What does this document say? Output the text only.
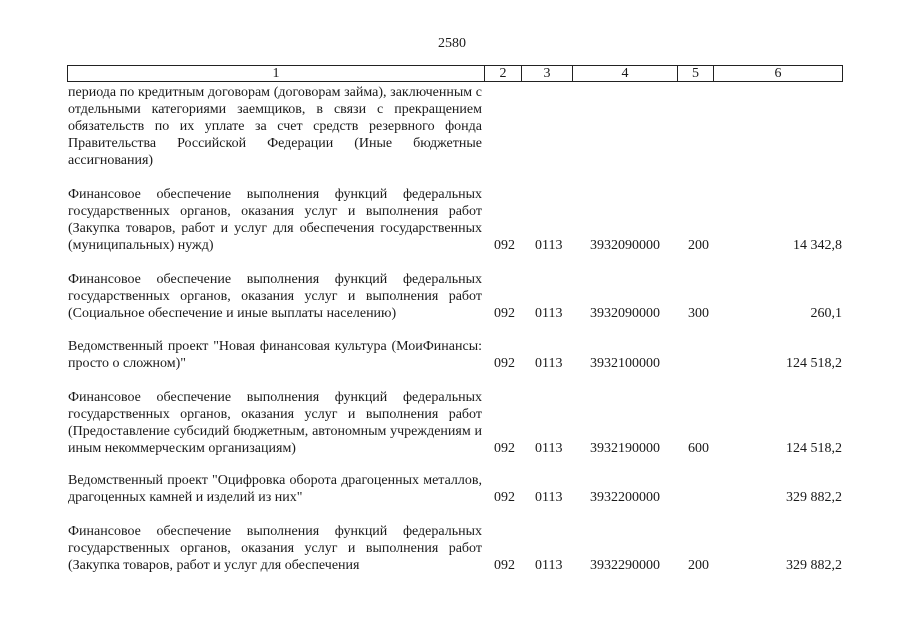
2580
1	2	3	4	5	6
периода по кредитным договорам (договорам займа), заключенным с отдельными категориями заемщиков, в связи с прекращением обязательств по их уплате за счет средств резервного фонда Правительства Российской Федерации (Иные бюджетные ассигнования)
Финансовое обеспечение выполнения функций федеральных государственных органов, оказания услуг и выполнения работ (Закупка товаров, работ и услуг для обеспечения государственных (муниципальных) нужд)	092 0113 3932090000 200	14 342,8
Финансовое обеспечение выполнения функций федеральных государственных органов, оказания услуг и выполнения работ (Социальное обеспечение и иные выплаты населению)	092 0113 3932090000 300	260,1
Ведомственный проект "Новая финансовая культура (МоиФинансы: просто о сложном)"	092 0113 3932100000	124 518,2
Финансовое обеспечение выполнения функций федеральных государственных органов, оказания услуг и выполнения работ (Предоставление субсидий бюджетным, автономным учреждениям и иным некоммерческим организациям)	092 0113 3932190000 600	124 518,2
Ведомственный проект "Оцифровка оборота драгоценных металлов, драгоценных камней и изделий из них"	092 0113 3932200000	329 882,2
Финансовое обеспечение выполнения функций федеральных государственных органов, оказания услуг и выполнения работ (Закупка товаров, работ и услуг для обеспечения	092 0113 3932290000 200	329 882,2
